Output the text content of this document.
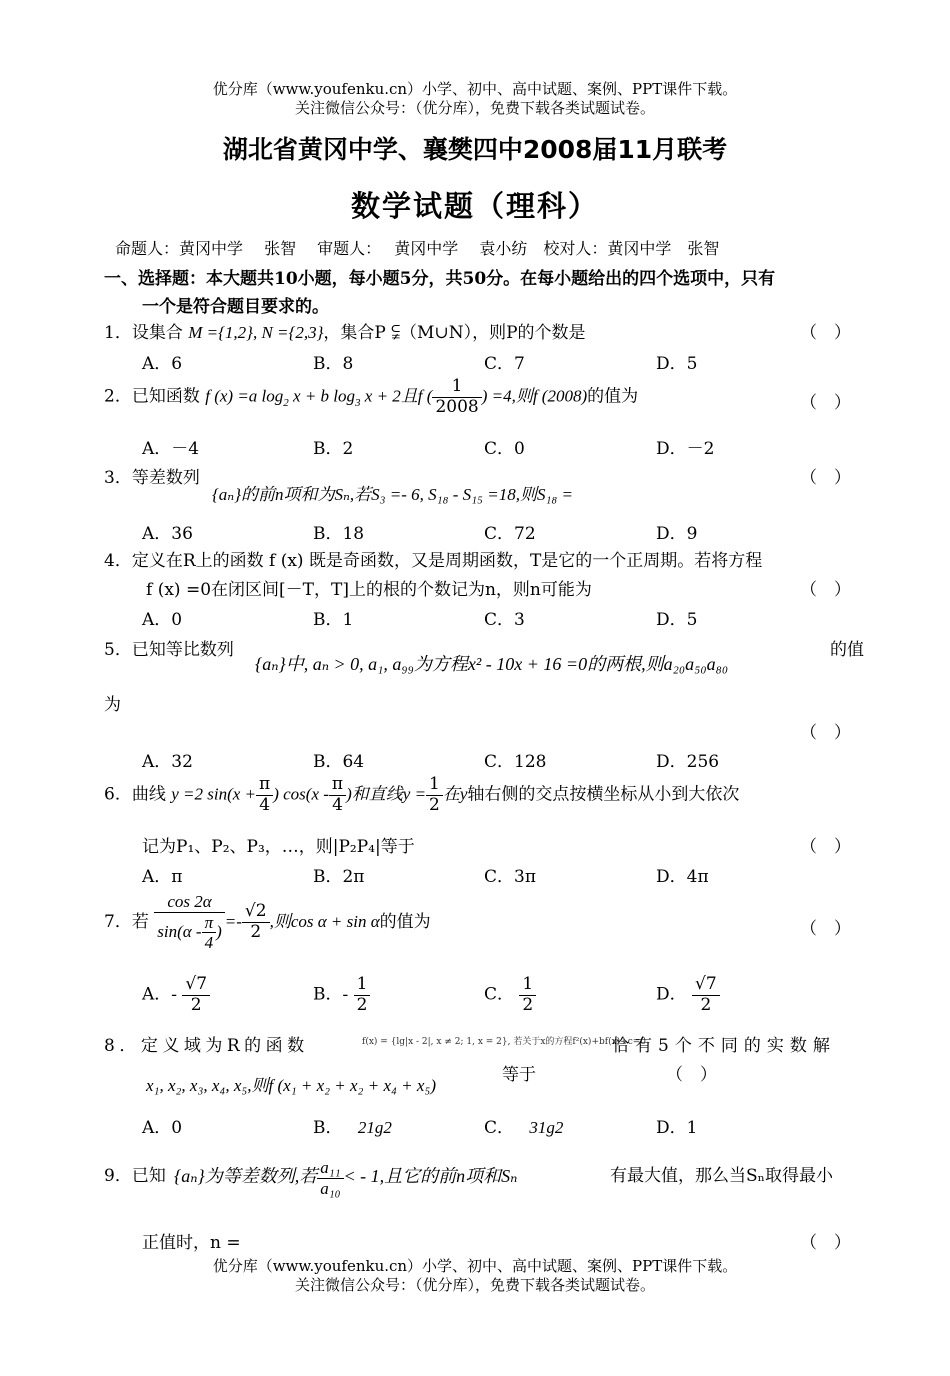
优分库（www.youfenku.cn）小学、初中、高中试题、案例、PPT课件下载。
关注微信公众号：（优分库），免费下载各类试题试卷。
湖北省黄冈中学、襄樊四中2008届11月联考
数学试题（理科）
命题人：黄冈中学　 张智　 审题人：　 黄冈中学　 袁小纺　校对人：黄冈中学　张智
一、选择题：本大题共10小题，每小题5分，共50分。在每小题给出的四个选项中，只有
一个是符合题目要求的。
1．设集合 M ={1,2}, N ={2,3}，集合P ⫋（M∪N），则P的个数是	（　）
A．6	B．8	C．7	D．5
2．已知函数 f (x) =a $\log_2 x + b$ $\log_3 x + 2$且f ( $\frac{1}{2008}$ ) =4,则f (2008)的值为	（　）
A．－4	B．2	C．0	D．－2
3．等差数列
{aₙ}的前n项和为Sₙ,若S₃ =- 6, S₁₈ - S₁₅ =18,则S₁₈ =
（　）
A．36	B．18	C．72	D．9
4．定义在R上的函数 f (x) 既是奇函数，又是周期函数，T是它的一个正周期。若将方程
f (x) =0在闭区间[－T，T]上的根的个数记为n，则n可能为	（　）
A．0	B．1	C．3	D．5
5．已知等比数列
{aₙ}中, aₙ > 0, a₁, a₉₉为方程x² - 10x + 16 =0的两根,则a₂₀a₅₀a₈₀
的值
为
（　）
A．32	B．64	C．128	D．256
6．曲线 y =2 $\sin(x + \frac{\pi}{4}$ ) $\cos(x - \frac{\pi}{4}$ )和直线$y = \frac{1}{2}$ 在y轴右侧的交点按横坐标从小到大依次
记为P₁、P₂、P₃，…，则|P₂P₄|等于	（　）
A．π	B．2π	C．3π	D．4π
7．若 $\frac{\cos 2\alpha}{\sin(\alpha - \frac{\pi}{4} )} =- \frac{√2}{2}$ ,则cos α + sin α的值为	（　）
A．- $\frac{√7}{2}$	B．- $\frac{1}{2}$	C． $\frac{1}{2}$	D． $\frac{√7}{2}$
8．定义域为R的函数	f(x) = {lg|x - 2|, x ≠ 2; 1, x = 2}, 若关于x的方程f²(x)+bf(x)+c=0
恰有5个不同的实数解
x₁, x₂, x₃, x₄, x₅,则f (x₁ + x₂ + x₂ + x₄ + x₅)
等于	（　）
A．0	B． 21g2	C． 31g2	D．1
9．已知 {aₙ}为等差数列,若 $\frac{\text{a₁₁}}{\text{a₁₀}}$ < - 1,且它的前n项和Sₙ	有最大值，那么当Sₙ取得最小
正值时，n =	（　）
优分库（www.youfenku.cn）小学、初中、高中试题、案例、PPT课件下载。
关注微信公众号：（优分库），免费下载各类试题试卷。
